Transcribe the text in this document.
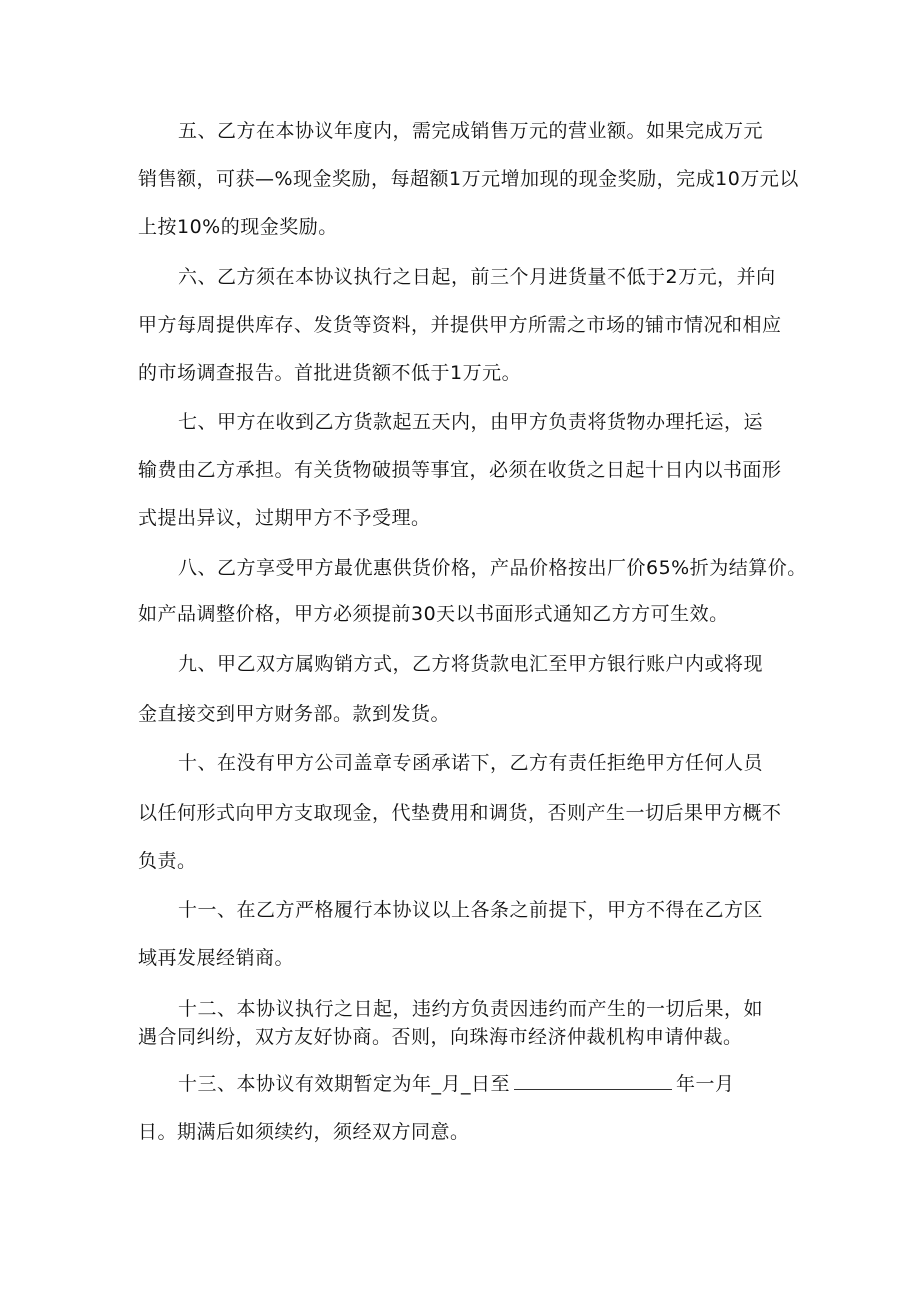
五、乙方在本协议年度内，需完成销售万元的营业额。如果完成万元
销售额，可获—%现金奖励，每超额1万元增加现的现金奖励，完成10万元以
上按10%的现金奖励。
六、乙方须在本协议执行之日起，前三个月进货量不低于2万元，并向
甲方每周提供库存、发货等资料，并提供甲方所需之市场的铺市情况和相应
的市场调查报告。首批进货额不低于1万元。
七、甲方在收到乙方货款起五天内，由甲方负责将货物办理托运，运
输费由乙方承担。有关货物破损等事宜，必须在收货之日起十日内以书面形
式提出异议，过期甲方不予受理。
八、乙方享受甲方最优惠供货价格，产品价格按出厂价65%折为结算价。
如产品调整价格，甲方必须提前30天以书面形式通知乙方方可生效。
九、甲乙双方属购销方式，乙方将货款电汇至甲方银行账户内或将现
金直接交到甲方财务部。款到发货。
十、在没有甲方公司盖章专函承诺下，乙方有责任拒绝甲方任何人员
以任何形式向甲方支取现金，代垫费用和调货，否则产生一切后果甲方概不
负责。
十一、在乙方严格履行本协议以上各条之前提下，甲方不得在乙方区
域再发展经销商。
十二、本协议执行之日起，违约方负责因违约而产生的一切后果，如
遇合同纠纷，双方友好协商。否则，向珠海市经济仲裁机构申请仲裁。
十三、本协议有效期暂定为年_月_日至	年一月
日。期满后如须续约，须经双方同意。
